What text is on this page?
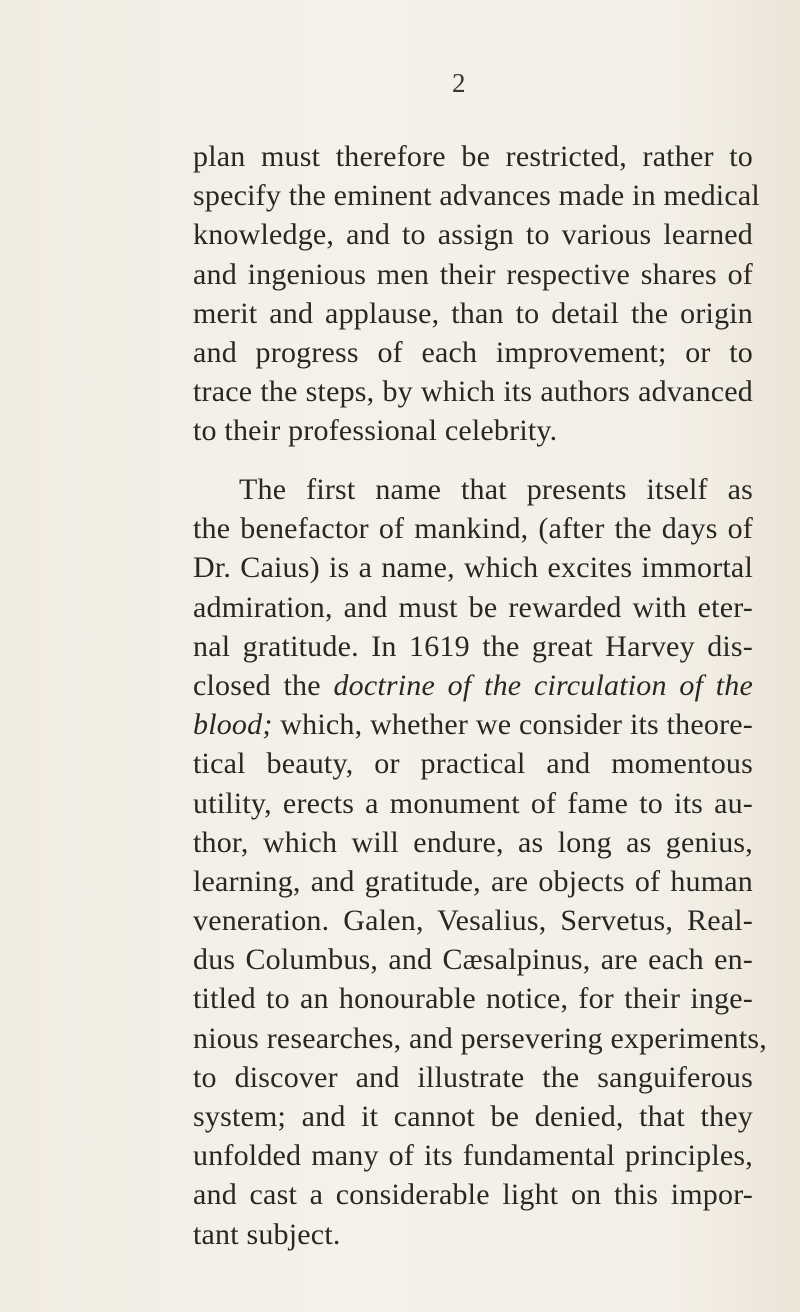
2
plan must therefore be restricted, rather to
specify the eminent advances made in medical
knowledge, and to assign to various learned
and ingenious men their respective shares of
merit and applause, than to detail the origin
and progress of each improvement; or to
trace the steps, by which its authors advanced
to their professional celebrity.
The first name that presents itself as
the benefactor of mankind, (after the days of
Dr. Caius) is a name, which excites immortal
admiration, and must be rewarded with eter-
nal gratitude. In 1619 the great Harvey dis-
closed the doctrine of the circulation of the
blood; which, whether we consider its theore-
tical beauty, or practical and momentous
utility, erects a monument of fame to its au-
thor, which will endure, as long as genius,
learning, and gratitude, are objects of human
veneration. Galen, Vesalius, Servetus, Real-
dus Columbus, and Cæsalpinus, are each en-
titled to an honourable notice, for their inge-
nious researches, and persevering experiments,
to discover and illustrate the sanguiferous
system; and it cannot be denied, that they
unfolded many of its fundamental principles,
and cast a considerable light on this impor-
tant subject.
